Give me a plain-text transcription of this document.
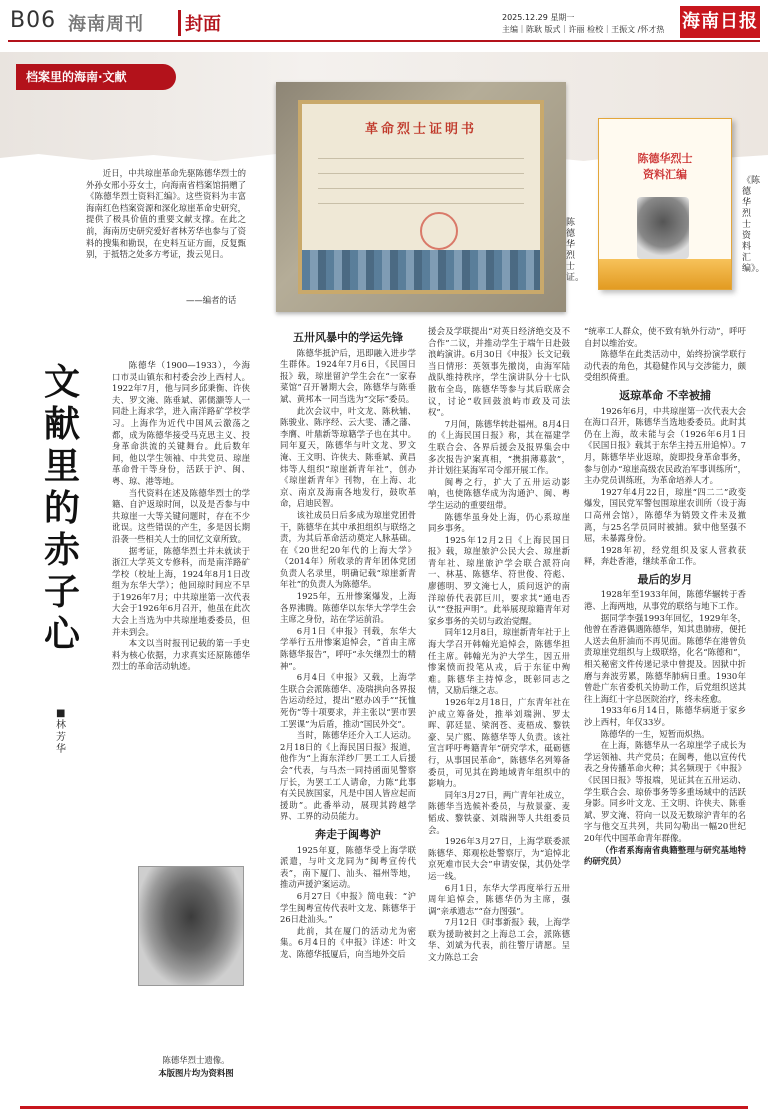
B06 海南周刊	封面	2025.12.29 星期一
主编｜陈耿 版式｜许丽 检校｜王振文 /怀才热 海南日报
档案里的海南·文献
革命烈士证明书
陈德华烈士证。
陈德华烈士
资料汇编	《陈德华烈士资料汇编》。

近日，中共琼崖革命先驱陈德华烈士的外孙女邢小芬女士，向海南省档案馆捐赠了《陈德华烈士资料汇编》。这些资料为丰富海南红色档案资源和深化琼崖革命史研究，提供了极具价值的重要文献支撑。在此之前，海南历史研究爱好者林芳华也参与了资料的搜集和勘误，在史料互证方面，反复甄别，于抵牾之处多方考证，拨云见日。

——编者的话
文献里的赤子心
■ 林芳华

陈德华（1900—1933），今海口市灵山镇东和村委会沙上西村人。1922年7月，他与同乡邱秉衡、许侠夫、罗文淹、陈垂斌、郭儒灏等人一同赴上海求学，进入南洋路矿学校学习。上海作为近代中国风云激荡之都，成为陈德华接受马克思主义、投身革命洪流的关键舞台。此后数年间，他以学生领袖、中共党员、琼崖革命骨干等身份，活跃于沪、闽、粤、琼、港等地。

当代资料在述及陈德华烈士的学籍、自沪返琼时间，以及是否参与中共琼崖一大等关键问题时，存在不少讹误。这些错误的产生，多是因长期沿袭一些相关人士的回忆文章所致。

据考证，陈德华烈士并未就读于浙江大学英文专修科，而是南洋路矿学校（校址上海，1924年8月1日改组为东华大学）；他回琼时间应不早于1926年7月；中共琼崖第一次代表大会于1926年6月召开，他虽在此次大会上当选为中共琼崖地委委员，但并未到会。

本文以当时报刊记载的第一手史料为核心依据，力求真实还原陈德华烈士的革命活动轨迹。

陈德华烈士遗像。
本版图片均为资料图
五卅风暴中的学运先锋

陈德华抵沪后，迅即融入进步学生群体。1924年7月6日，《民国日报》载，琼崖留沪学生会在“一家春菜馆”召开暑期大会，陈德华与陈垂斌、黄邦本一同当选为“交际”委员。

此次会议中，叶文龙、陈秋辅、陈骏业、陈序经、云大雯、潘之藩、李膺、叶鼎新等琼籍学子也在其中。同年夏天，陈德华与叶文龙、罗文淹、王文明、许侠夫、陈垂斌、黄昌炜等人组织“琼崖新青年社”，创办《琼崖新青年》刊物，在上海、北京、南京及海南各地发行，鼓吹革命，启迪民智。

该社成员日后多成为琼崖党团骨干，陈德华在其中承担组织与联络之责，为其后革命活动奠定人脉基础。在《20世纪20年代的上海大学》（2014年）所收录的青年团体党团负责人名录里，明确记载“琼崖新青年社”的负责人为陈德华。

1925年，五卅惨案爆发，上海各界沸腾。陈德华以东华大学学生会主席之身份，站在学运前沿。

6月1日《申报》刊载，东华大学举行五卅惨案追悼会，“首由主席陈德华报告”，呼吁“永矢继烈士的精神”。

6月4日《申报》又载，上海学生联合会派陈德华、凌瑞拱向各界报告运动经过，提出“慰办凶手”“抚恤死伤”等十项要求，并主张以“罢市罢工罢课”为后盾，推动“国民外交”。

当时，陈德华还介入工人运动。2月18日的《上海民国日报》报道，他作为“上海东洋纱厂罢工工人后援会”代表，与马杰一同持函面见警察厅长，为罢工工人请命，力陈“此事有关民族国家，凡是中国人皆应起而援助”。此番举动，展现其跨越学界、工界的动员能力。

奔走于闽粤沪

1925年夏，陈德华受上海学联派遣，与叶文龙同为“闽粤宣传代表”，南下厦门、汕头、福州等地，推动声援沪案运动。

6月27日《申报》简电载：“沪学生闽粤宣传代表叶文龙、陈德华于26日赴汕头。”

此前，其在厦门的活动尤为密集。6月4日的《申报》详述：叶文龙、陈德华抵厦后，向当地外交后

援会及学联提出“对英日经济绝交及不合作”二议，并推动学生于端午日赴鼓浪屿演讲。6月30日《申报》长文记载当日情形：英领事先撤岗，由海军陆战队维持秩序，学生演讲队分十七队散布全岛，陈德华等参与其后联席会议，讨论“收回鼓浪屿市政及司法权”。

7月间，陈德华转赴福州。8月4日的《上海民国日报》称，其在福建学生联合会、各界后援会及报界集会中多次报告沪案真相，“携捐薄募款”，并计划往某海军司令部开展工作。

闽粤之行，扩大了五卅运动影响，也使陈德华成为沟通沪、闽、粤学生运动的重要纽带。

陈德华虽身处上海，仍心系琼崖同乡事务。

1925年12月2日《上海民国日报》载，琼崖旅沪公民大会、琼崖新青年社、琼崖旅沪学会联合派符向一、林基、陈德华、符世俊、符彪、廖德明、罗文淹七人，质问返沪的南洋琼侨代表郭巨川，要求其“通电否认”“登报声明”。此举展现琼籍青年对家乡事务的关切与政治觉醒。

同年12月8日，琼崖新青年社于上海大学召开韩翰光追悼会，陈德华担任主席。韩翰光为沪大学生，因五卅惨案愤而投笔从戎，后于东征中殉难。陈德华主持悼念，既彰同志之情，又励后继之志。

1926年2月18日，广东青年社在沪成立筹备处，推举刘瑞洲、罗太晖、郭廷显、梁润苍、麦梧成、黎铁豪、吴广熙、陈德华等人负责。该社宣言呼吁粤籍青年“研究学术，砥砺德行，从事国民革命”，陈德华名列筹备委员，可见其在跨地域青年组织中的影响力。

同年3月27日，两广青年社成立，陈德华当选候补委员，与敖景豪、麦韬成、黎铁豪、刘瑞洲等人共组委员会。

1926年3月27日，上海学联委派陈德华、郑观松赴警察厅，为“追悼北京死难市民大会”申请安保，其仍处学运一线。

6月1日，东华大学再度举行五卅周年追悼会，陈德华仍为主席，强调“亲承遗志”“奋力图强”。

7月12日《时事新报》载，上海学联为援助被封之上海总工会，派陈德华、刘斌为代表，前往警厅请愿。呈文力陈总工会

“统率工人群众，使不致有轨外行动”，呼吁自封以维治安。

陈德华在此类活动中，始终扮演学联行动代表的角色，其稳健作风与交涉能力，颇受组织倚重。

返琼革命 不幸被捕

1926年6月，中共琼崖第一次代表大会在海口召开，陈德华当选地委委员。此时其仍在上海，故未能与会（1926年6月1日《民国日报》载其于东华主持五卅追悼）。7月，陈德华毕业返琼，旋即投身革命事务，参与创办“琼崖高级农民政治军事训练所”，主办党员训练班，为革命培养人才。

1927年4月22日，琼崖“四二二”政变爆发，国民党军警包围琼崖农训所（设于海口高州会馆），陈德华为销毁文件未及撤离，与25名学员同时被捕。狱中他坚强不屈，未暴露身份。

1928年初，经党组织及家人营救获释，奔赴香港，继续革命工作。

最后的岁月

1928年至1933年间，陈德华辗转于香港、上海两地，从事党的联络与地下工作。

据同学李强1993年回忆，1929年冬，他曾在香港偶遇陈德华，知其患肺痨，便托人送去鱼肝油而不再见面。陈德华在港曾负责琼崖党组织与上级联络，化名“陈德和”，相关秘密文件传递记录中曾提及。因狱中折磨与奔波劳累，陈德华肺病日重。1930年曾赴广东省委机关协助工作，后党组织送其往上海红十字总医院治疗，终未痊愈。

1933年6月14日，陈德华病逝于家乡沙上西村，年仅33岁。

陈德华的一生，短暂而炽热。

在上海，陈德华从一名琼崖学子成长为学运领袖、共产党员；在闽粤，他以宣传代表之身传播革命火种；其名频现于《申报》《民国日报》等报端，见证其在五卅运动、学生联合会、琼侨事务等多重场域中的活跃身影。同乡叶文龙、王文明、许侠夫、陈垂斌、罗文淹、符向一以及无数琼沪青年的名字与他交互共列，共同勾勒出一幅20世纪20年代中国革命青年群像。

（作者系海南省典籍整理与研究基地特约研究员）
